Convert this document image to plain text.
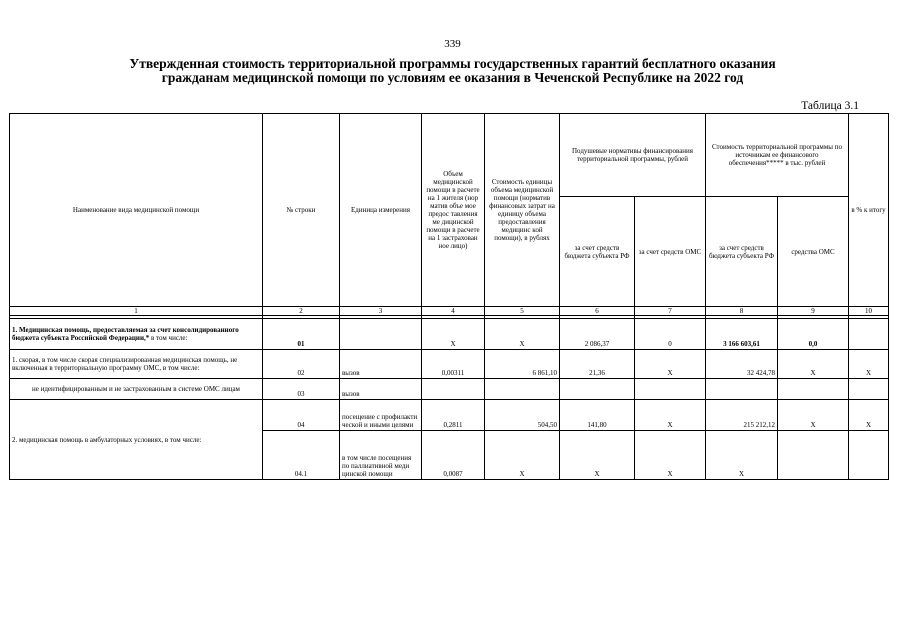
339
Утвержденная стоимость территориальной программы государственных гарантий бесплатного оказания
гражданам медицинской помощи по условиям ее оказания в Чеченской Республике на 2022 год
Таблица 3.1
Наименование вида медицинской помощи	№ строки	Единица измерения	Объем медицинской помощи в расчете на 1 жителя (нор матив объе мое предос тавления ме дицинской помощи в расчете на 1 застрахован ное лицо)	Стоимость единицы объема медицинской помощи (норматив финансовых затрат на единицу объема предоставления медицинс кой помощи), в рублях	Подушевые нормативы финансирования территориальной программы, рублей		Стоимость территориальной программы по источникам ее финансового обеспечения***** в тыс. рублей		в % к итогу
					за счет средств бюджета субъекта РФ	за счет средств ОМС	за счет средств бюджета субъекта РФ	средства ОМС	
1	2	3	4	5	6	7	8	9	10

1. Медицинская помощь, предоставляемая за счет консолидированного бюджета субъекта Российской Федерации,* в том числе:	01		Х	Х	2 086,37	0	3 166 603,61	0,0	
1. скорая, в том числе скорая специализированная медицинская помощь, не включенная в территориальную программу ОМС, в том числе:	02	вызов	0,00311	6 861,10	21,36	Х	32 424,78	Х	Х
не идентифицированным и не застрахованным в системе ОМС лицам	03	вызов							
2. медицинская помощь в амбулаторных условиях, в том числе:	04	посещение с профилакти ческой и иными целями	0,2811	504,50	141,80	Х	215 212,12	Х	Х
	04.1	в том числе посещения по паллиативной меди цинской помощи	0,0087	Х	Х	Х	Х		
